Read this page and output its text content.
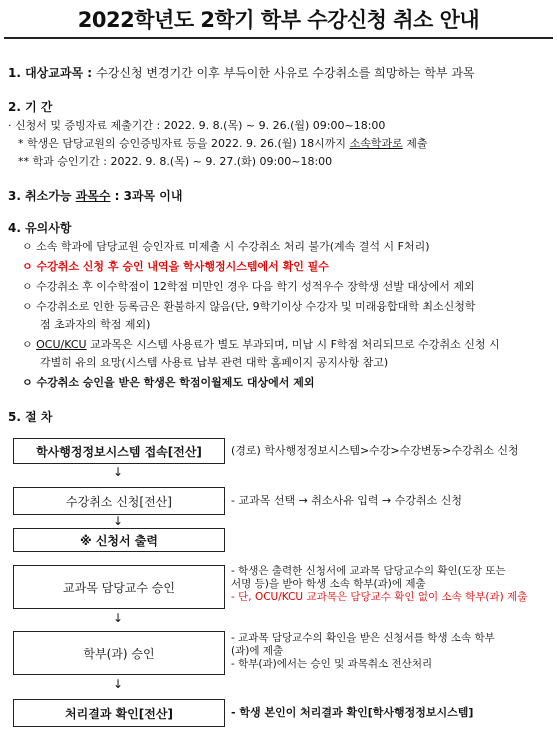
2022학년도 2학기 학부 수강신청 취소 안내
1. 대상교과목 : 수강신청 변경기간 이후 부득이한 사유로 수강취소를 희망하는 학부 과목
2. 기 간
· 신청서 및 증빙자료 제출기간 : 2022. 9. 8.(목) ~ 9. 26.(월) 09:00~18:00
* 학생은 담당교원의 승인증빙자료 등을 2022. 9. 26.(월) 18시까지 소속학과로 제출
** 학과 승인기간 : 2022. 9. 8.(목) ~ 9. 27.(화) 09:00~18:00
3. 취소가능 과목수 : 3과목 이내
4. 유의사항
ㅇ 소속 학과에 담당교원 승인자료 미제출 시 수강취소 처리 불가(계속 결석 시 F처리)
ㅇ 수강취소 신청 후 승인 내역을 학사행정시스템에서 확인 필수
ㅇ 수강취소 후 이수학점이 12학점 미만인 경우 다음 학기 성적우수 장학생 선발 대상에서 제외
ㅇ 수강취소로 인한 등록금은 환불하지 않음(단, 9학기이상 수강자 및 미래융합대학 최소신청학
점 초과자의 학점 제외)
ㅇ OCU/KCU 교과목은 시스템 사용료가 별도 부과되며, 미납 시 F학점 처리되므로 수강취소 신청 시
각별히 유의 요망(시스템 사용료 납부 관련 대학 홈페이지 공지사항 참고)
ㅇ 수강취소 승인을 받은 학생은 학점이월제도 대상에서 제외
5. 절 차
학사행정정보시스템 접속[전산]	(경로) 학사행정정보시스템>수강>수강변동>수강취소 신청
↓
수강취소 신청[전산]	- 교과목 선택 → 취소사유 입력 → 수강취소 신청
↓
※ 신청서 출력
교과목 담당교수 승인
- 학생은 출력한 신청서에 교과목 담당교수의 확인(도장 또는
서명 등)을 받아 학생 소속 학부(과)에 제출
- 단, OCU/KCU 교과목은 담당교수 확인 없이 소속 학부(과) 제출
↓
학부(과) 승인
- 교과목 담당교수의 확인을 받은 신청서를 학생 소속 학부
(과)에 제출
- 학부(과)에서는 승인 및 과목취소 전산처리
↓
처리결과 확인[전산]	- 학생 본인이 처리결과 확인[학사행정정보시스템]
